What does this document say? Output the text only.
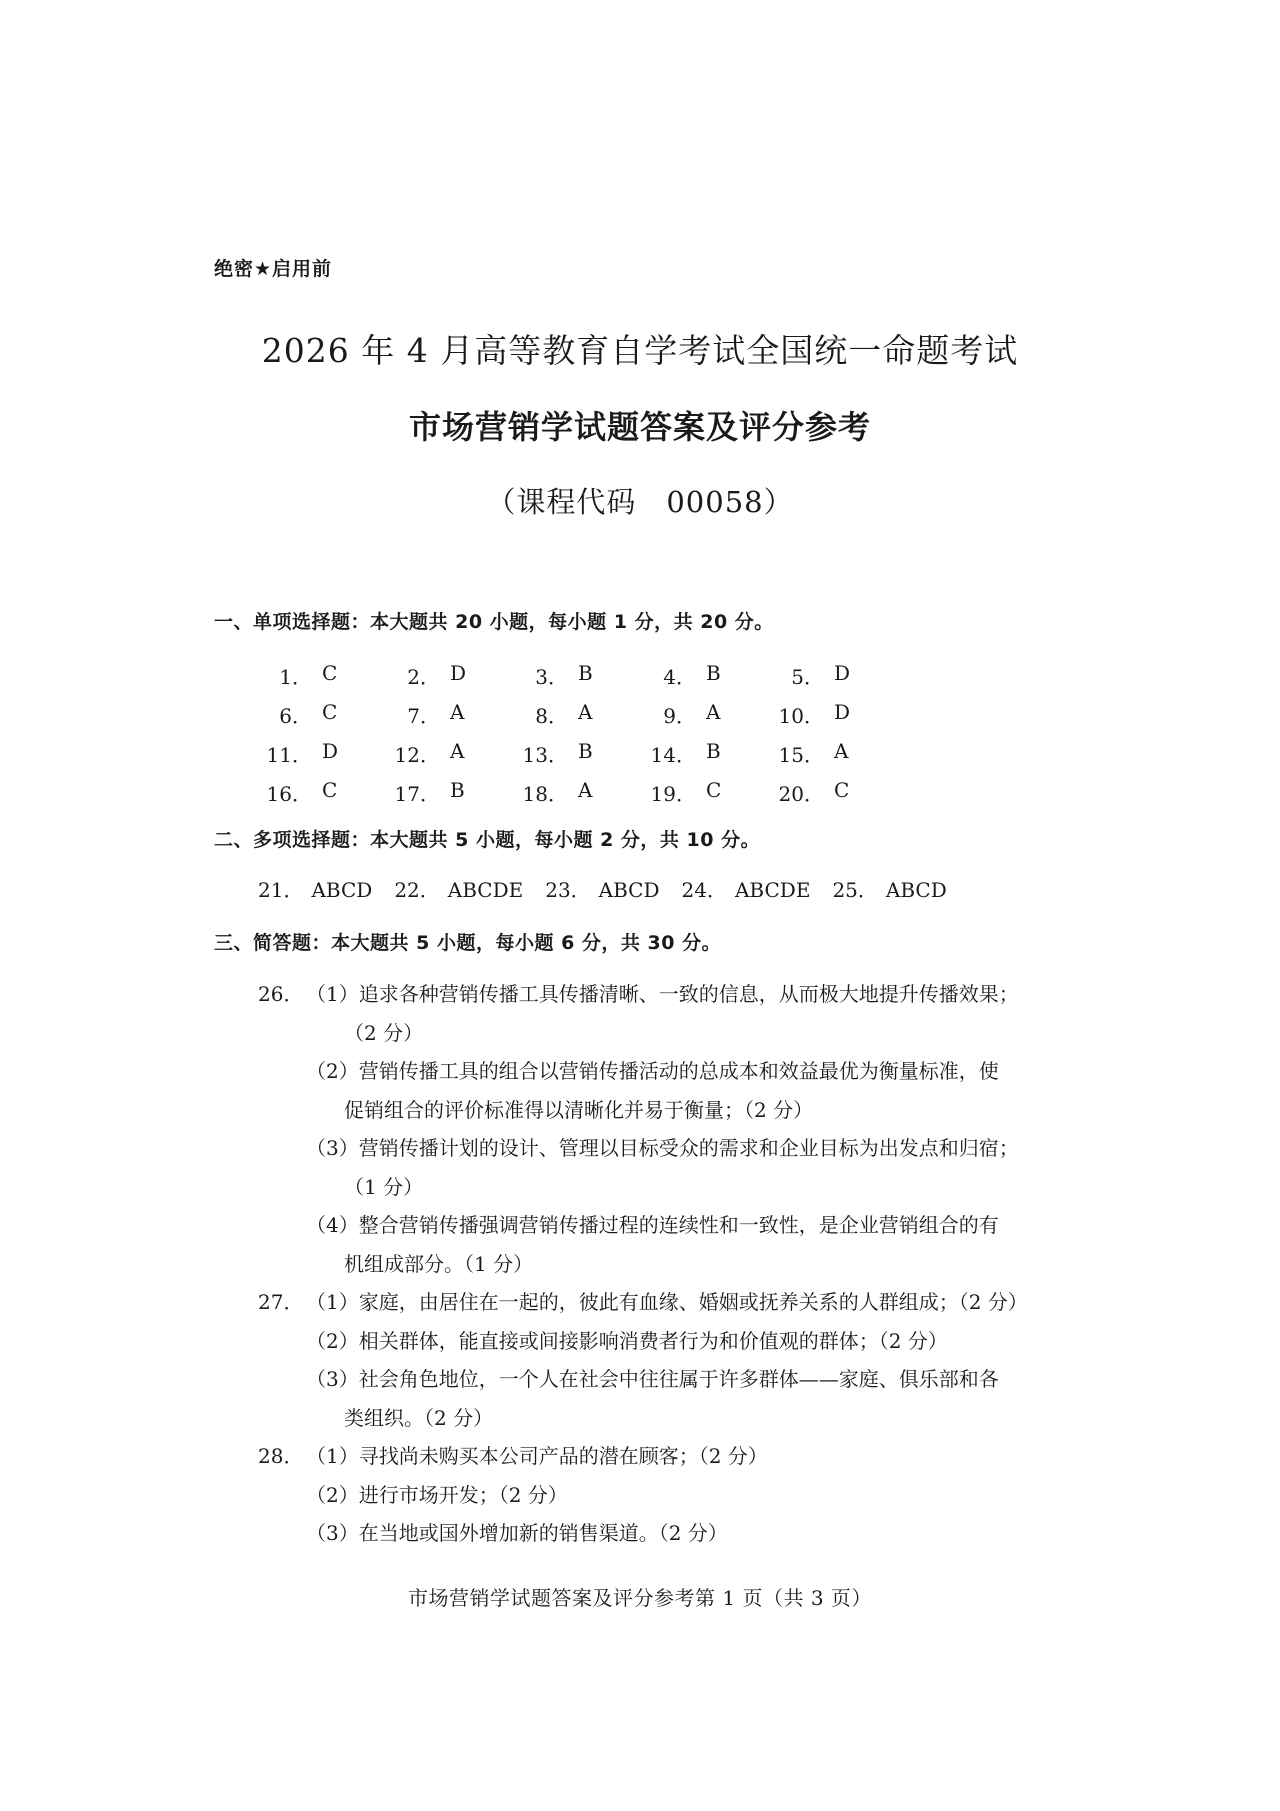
绝密★启用前
2026 年 4 月高等教育自学考试全国统一命题考试
市场营销学试题答案及评分参考
（课程代码　00058）
一、单项选择题：本大题共 20 小题，每小题 1 分，共 20 分。
1． C	2． D	3． B	4． B	5． D
6． C	7． A	8． A	9． A	10． D
11． D	12． A	13． B	14． B	15． A
16． C	17． B	18． A	19． C	20． C
二、多项选择题：本大题共 5 小题，每小题 2 分，共 10 分。
21． ABCD 22． ABCDE 23． ABCD 24． ABCDE 25． ABCD
三、简答题：本大题共 5 小题，每小题 6 分，共 30 分。
26． （1）追求各种营销传播工具传播清晰、一致的信息，从而极大地提升传播效果；
（2 分）
（2）营销传播工具的组合以营销传播活动的总成本和效益最优为衡量标准，使
促销组合的评价标准得以清晰化并易于衡量；（2 分）
（3）营销传播计划的设计、管理以目标受众的需求和企业目标为出发点和归宿；
（1 分）
（4）整合营销传播强调营销传播过程的连续性和一致性，是企业营销组合的有
机组成部分。（1 分）
27． （1）家庭，由居住在一起的，彼此有血缘、婚姻或抚养关系的人群组成；（2 分）
（2）相关群体，能直接或间接影响消费者行为和价值观的群体；（2 分）
（3）社会角色地位，一个人在社会中往往属于许多群体——家庭、俱乐部和各
类组织。（2 分）
28． （1）寻找尚未购买本公司产品的潜在顾客；（2 分）
（2）进行市场开发；（2 分）
（3）在当地或国外增加新的销售渠道。（2 分）
市场营销学试题答案及评分参考第 1 页（共 3 页）
